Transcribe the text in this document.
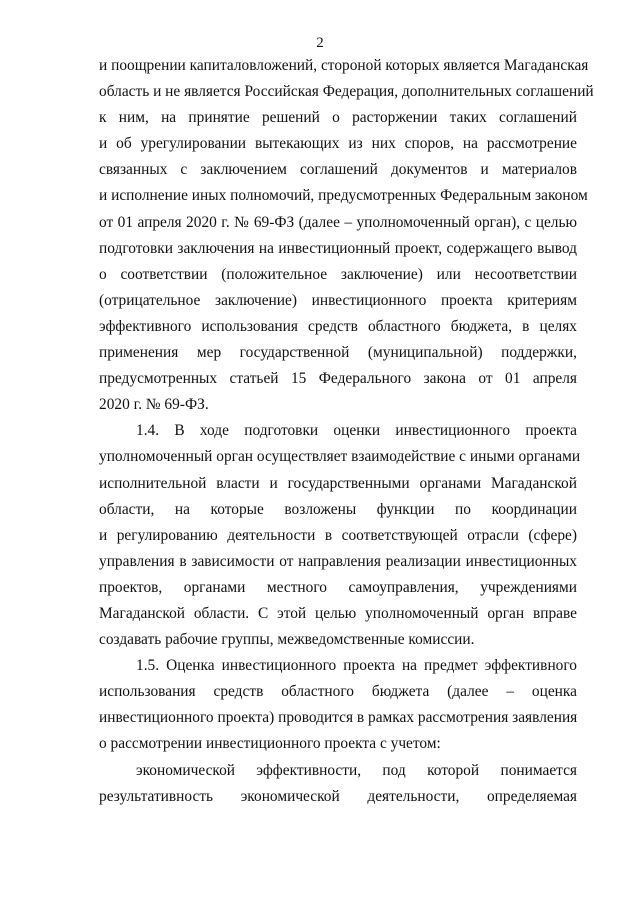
2
и поощрении капиталовложений, стороной которых является Магаданская
область и не является Российская Федерация, дополнительных соглашений
к ним, на принятие решений о расторжении таких соглашений
и об урегулировании вытекающих из них споров, на рассмотрение
связанных с заключением соглашений документов и материалов
и исполнение иных полномочий, предусмотренных Федеральным законом
от 01 апреля 2020 г. № 69-ФЗ (далее – уполномоченный орган), с целью
подготовки заключения на инвестиционный проект, содержащего вывод
о соответствии (положительное заключение) или несоответствии
(отрицательное заключение) инвестиционного проекта критериям
эффективного использования средств областного бюджета, в целях
применения мер государственной (муниципальной) поддержки,
предусмотренных статьей 15 Федерального закона от 01 апреля
2020 г. № 69-ФЗ.
1.4. В ходе подготовки оценки инвестиционного проекта
уполномоченный орган осуществляет взаимодействие с иными органами
исполнительной власти и государственными органами Магаданской
области, на которые возложены функции по координации
и регулированию деятельности в соответствующей отрасли (сфере)
управления в зависимости от направления реализации инвестиционных
проектов, органами местного самоуправления, учреждениями
Магаданской области. С этой целью уполномоченный орган вправе
создавать рабочие группы, межведомственные комиссии.
1.5. Оценка инвестиционного проекта на предмет эффективного
использования средств областного бюджета (далее – оценка
инвестиционного проекта) проводится в рамках рассмотрения заявления
о рассмотрении инвестиционного проекта с учетом:
экономической эффективности, под которой понимается
результативность экономической деятельности, определяемая
